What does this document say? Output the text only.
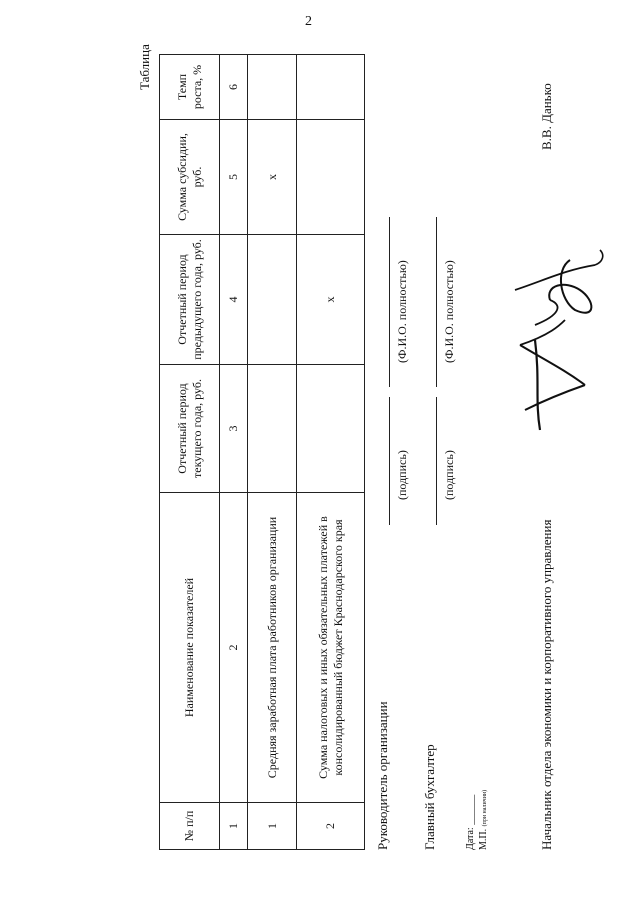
2
Таблица
№ п/п	Наименование показателей	Отчетный период текущего года, руб.	Отчетный период предыдущего года, руб.	Сумма субсидии, руб.	Темп роста, %
1	2	3	4	5	6
1	Средняя заработная плата работников организации			х	
2	Сумма налоговых и иных обязательных платежей в консолидированный бюджет Краснодарского края		х		
Руководитель организации
(подпись)
(Ф.И.О. полностью)
Главный бухгалтер
(подпись)
(Ф.И.О. полностью)
Дата: ______ М.П. (при наличии)	Начальник отдела экономики и корпоративного управления
В.В. Данько
